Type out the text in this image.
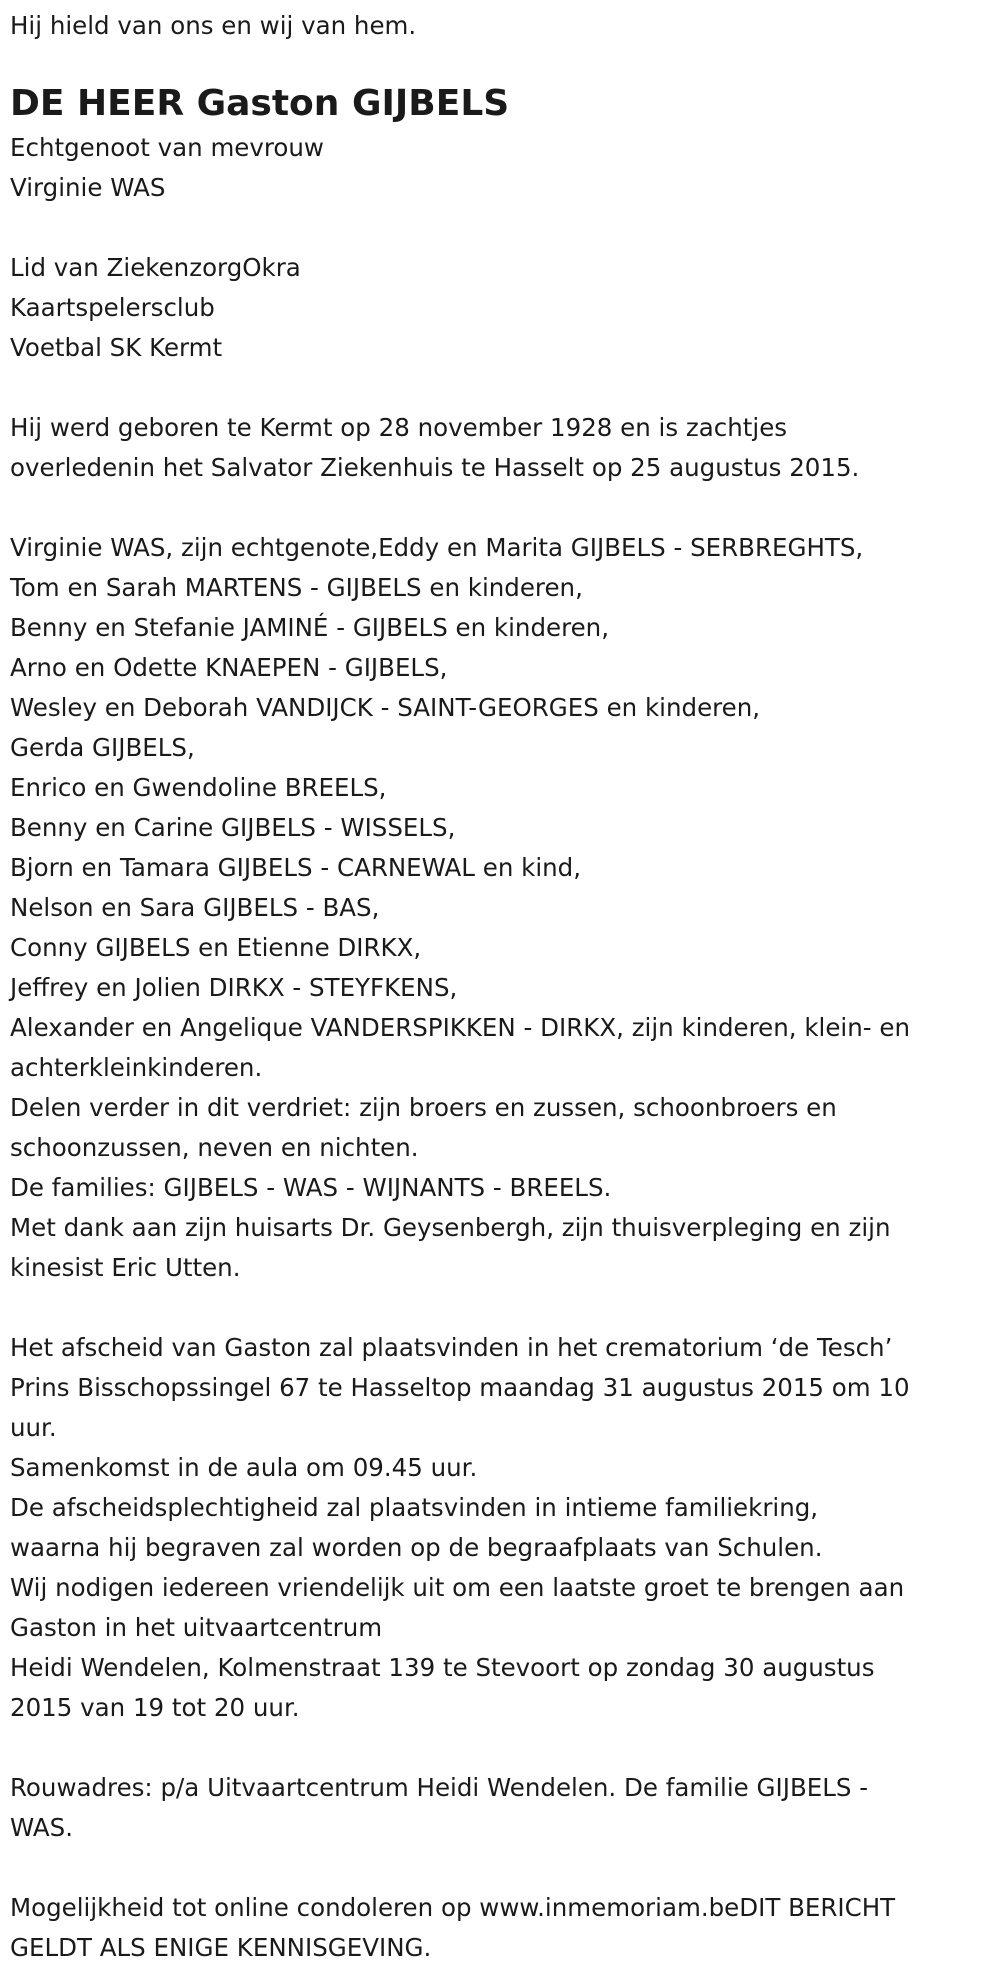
Hij hield van ons en wij van hem.
DE HEER Gaston GIJBELS
Echtgenoot van mevrouw
Virginie WAS
Lid van ZiekenzorgOkra
Kaartspelersclub
Voetbal SK Kermt
Hij werd geboren te Kermt op 28 november 1928 en is zachtjes
overledenin het Salvator Ziekenhuis te Hasselt op 25 augustus 2015.
Virginie WAS, zijn echtgenote,Eddy en Marita GIJBELS - SERBREGHTS,
Tom en Sarah MARTENS - GIJBELS en kinderen,
Benny en Stefanie JAMINÉ - GIJBELS en kinderen,
Arno en Odette KNAEPEN - GIJBELS,
Wesley en Deborah VANDIJCK - SAINT-GEORGES en kinderen,
Gerda GIJBELS,
Enrico en Gwendoline BREELS,
Benny en Carine GIJBELS - WISSELS,
Bjorn en Tamara GIJBELS - CARNEWAL en kind,
Nelson en Sara GIJBELS - BAS,
Conny GIJBELS en Etienne DIRKX,
Jeffrey en Jolien DIRKX - STEYFKENS,
Alexander en Angelique VANDERSPIKKEN - DIRKX, zijn kinderen, klein- en
achterkleinkinderen.
Delen verder in dit verdriet: zijn broers en zussen, schoonbroers en
schoonzussen, neven en nichten.
De families: GIJBELS - WAS - WIJNANTS - BREELS.
Met dank aan zijn huisarts Dr. Geysenbergh, zijn thuisverpleging en zijn
kinesist Eric Utten.
Het afscheid van Gaston zal plaatsvinden in het crematorium ‘de Tesch’
Prins Bisschopssingel 67 te Hasseltop maandag 31 augustus 2015 om 10
uur.
Samenkomst in de aula om 09.45 uur.
De afscheidsplechtigheid zal plaatsvinden in intieme familiekring,
waarna hij begraven zal worden op de begraafplaats van Schulen.
Wij nodigen iedereen vriendelijk uit om een laatste groet te brengen aan
Gaston in het uitvaartcentrum
Heidi Wendelen, Kolmenstraat 139 te Stevoort op zondag 30 augustus
2015 van 19 tot 20 uur.
Rouwadres: p/a Uitvaartcentrum Heidi Wendelen. De familie GIJBELS -
WAS.
Mogelijkheid tot online condoleren op www.inmemoriam.beDIT BERICHT
GELDT ALS ENIGE KENNISGEVING.
